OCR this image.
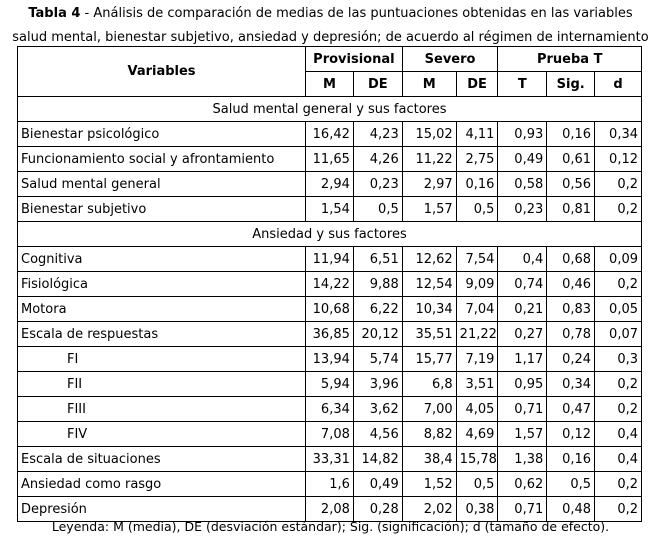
Tabla 4 - Análisis de comparación de medias de las puntuaciones obtenidas en las variables
salud mental, bienestar subjetivo, ansiedad y depresión; de acuerdo al régimen de internamiento
Variables	Provisional		Severo		Prueba T		
	M	DE	M	DE	T	Sig.	d
Salud mental general y sus factores							
Bienestar psicológico	16,42	4,23	15,02	4,11	0,93	0,16	0,34
Funcionamiento social y afrontamiento	11,65	4,26	11,22	2,75	0,49	0,61	0,12
Salud mental general	2,94	0,23	2,97	0,16	0,58	0,56	0,2
Bienestar subjetivo	1,54	0,5	1,57	0,5	0,23	0,81	0,2
Ansiedad y sus factores							
Cognitiva	11,94	6,51	12,62	7,54	0,4	0,68	0,09
Fisiológica	14,22	9,88	12,54	9,09	0,74	0,46	0,2
Motora	10,68	6,22	10,34	7,04	0,21	0,83	0,05
Escala de respuestas	36,85	20,12	35,51	21,22	0,27	0,78	0,07
FI	13,94	5,74	15,77	7,19	1,17	0,24	0,3
FII	5,94	3,96	6,8	3,51	0,95	0,34	0,2
FIII	6,34	3,62	7,00	4,05	0,71	0,47	0,2
FIV	7,08	4,56	8,82	4,69	1,57	0,12	0,4
Escala de situaciones	33,31	14,82	38,4	15,78	1,38	0,16	0,4
Ansiedad como rasgo	1,6	0,49	1,52	0,5	0,62	0,5	0,2
Depresión	2,08	0,28	2,02	0,38	0,71	0,48	0,2
Leyenda: M (media), DE (desviación estándar); Sig. (significación); d (tamaño de efecto).
